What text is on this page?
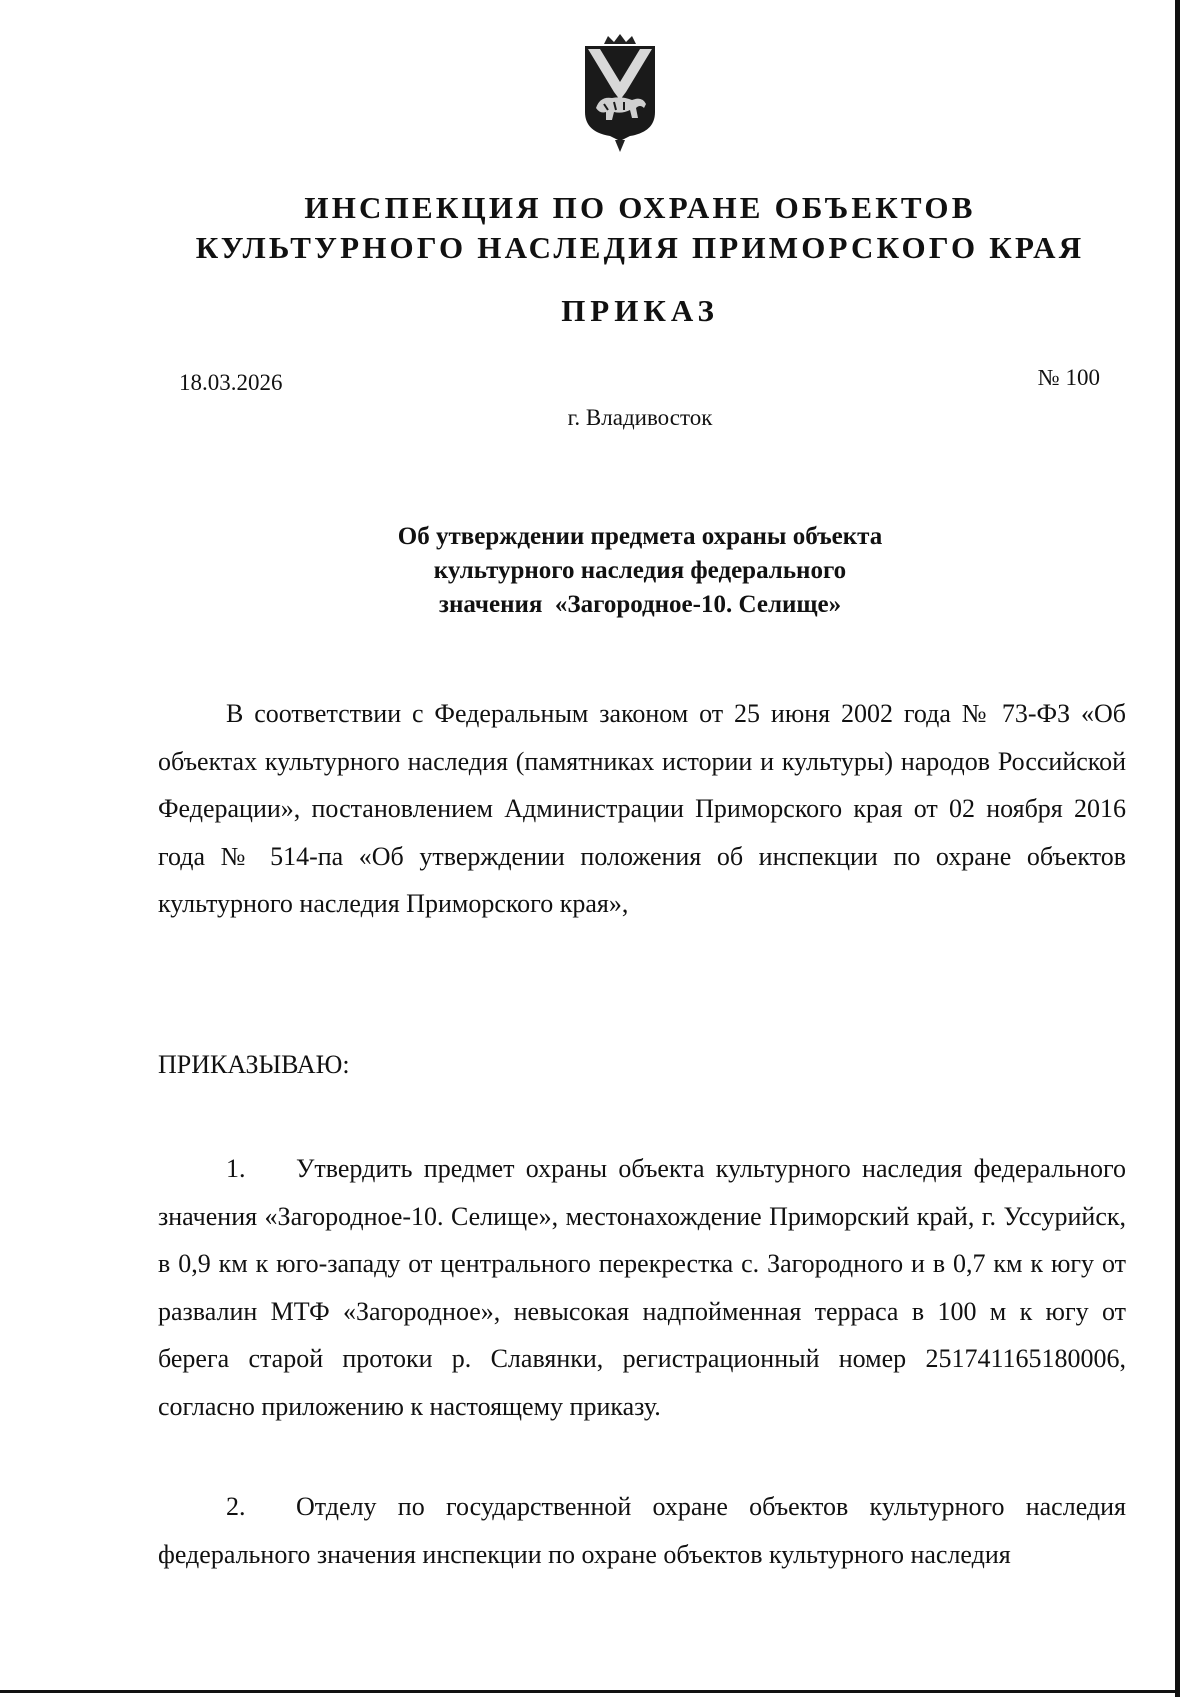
ИНСПЕКЦИЯ ПО ОХРАНЕ ОБЪЕКТОВ
КУЛЬТУРНОГО НАСЛЕДИЯ ПРИМОРСКОГО КРАЯ
ПРИКАЗ
18.03.2026	№ 100
г. Владивосток
Об утверждении предмета охраны объекта
культурного наследия федерального
значения  «Загородное-10. Селище»

В соответствии с Федеральным законом от 25 июня 2002 года № 73-ФЗ «Об объектах культурного наследия (памятниках истории и культуры) народов Российской Федерации», постановлением Администрации Приморского края от 02 ноября 2016 года № 514-па «Об утверждении положения об инспекции по охране объектов культурного наследия Приморского края»,

ПРИКАЗЫВАЮ:

1. Утвердить предмет охраны объекта культурного наследия федерального значения «Загородное-10. Селище», местонахождение Приморский край, г. Уссурийск, в 0,9 км к юго-западу от центрального перекрестка с. Загородного и в 0,7 км к югу от развалин МТФ «Загородное», невысокая надпойменная терраса в 100 м к югу от берега старой протоки р. Славянки, регистрационный номер 251741165180006, согласно приложению к настоящему приказу.

2. Отделу по государственной охране объектов культурного наследия федерального значения инспекции по охране объектов культурного наследия
